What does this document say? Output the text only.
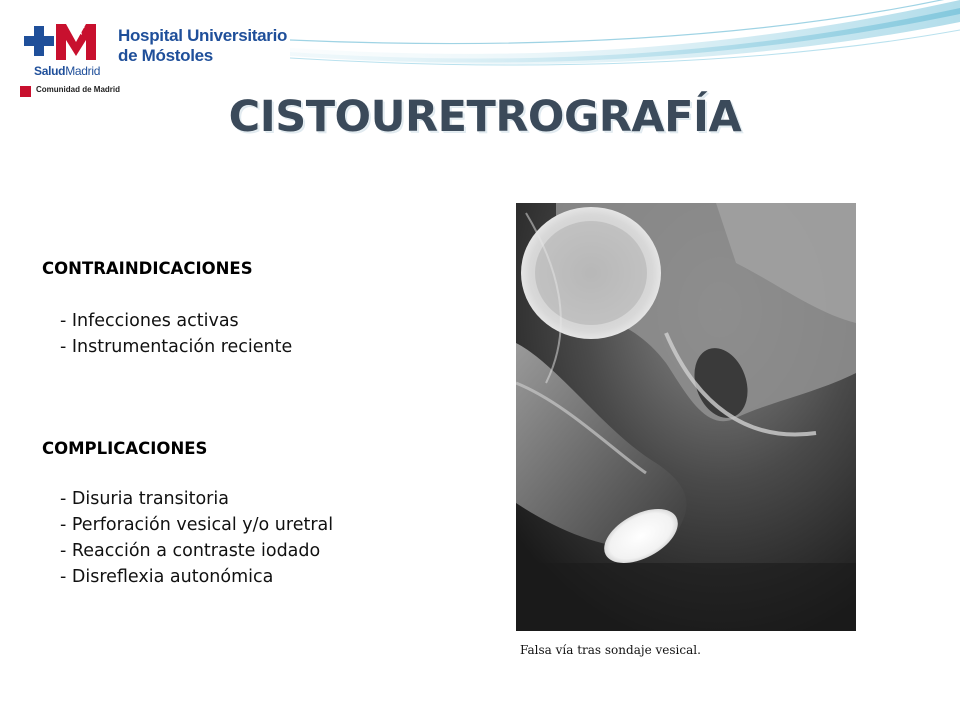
Hospital Universitario
de Móstoles
SaludMadrid
Comunidad de Madrid
CISTOURETROGRAFÍA
CONTRAINDICACIONES
- Infecciones activas
- Instrumentación reciente
COMPLICACIONES
- Disuria transitoria
- Perforación vesical y/o uretral
- Reacción a contraste iodado
- Disreflexia autonómica
Falsa vía tras sondaje vesical.
